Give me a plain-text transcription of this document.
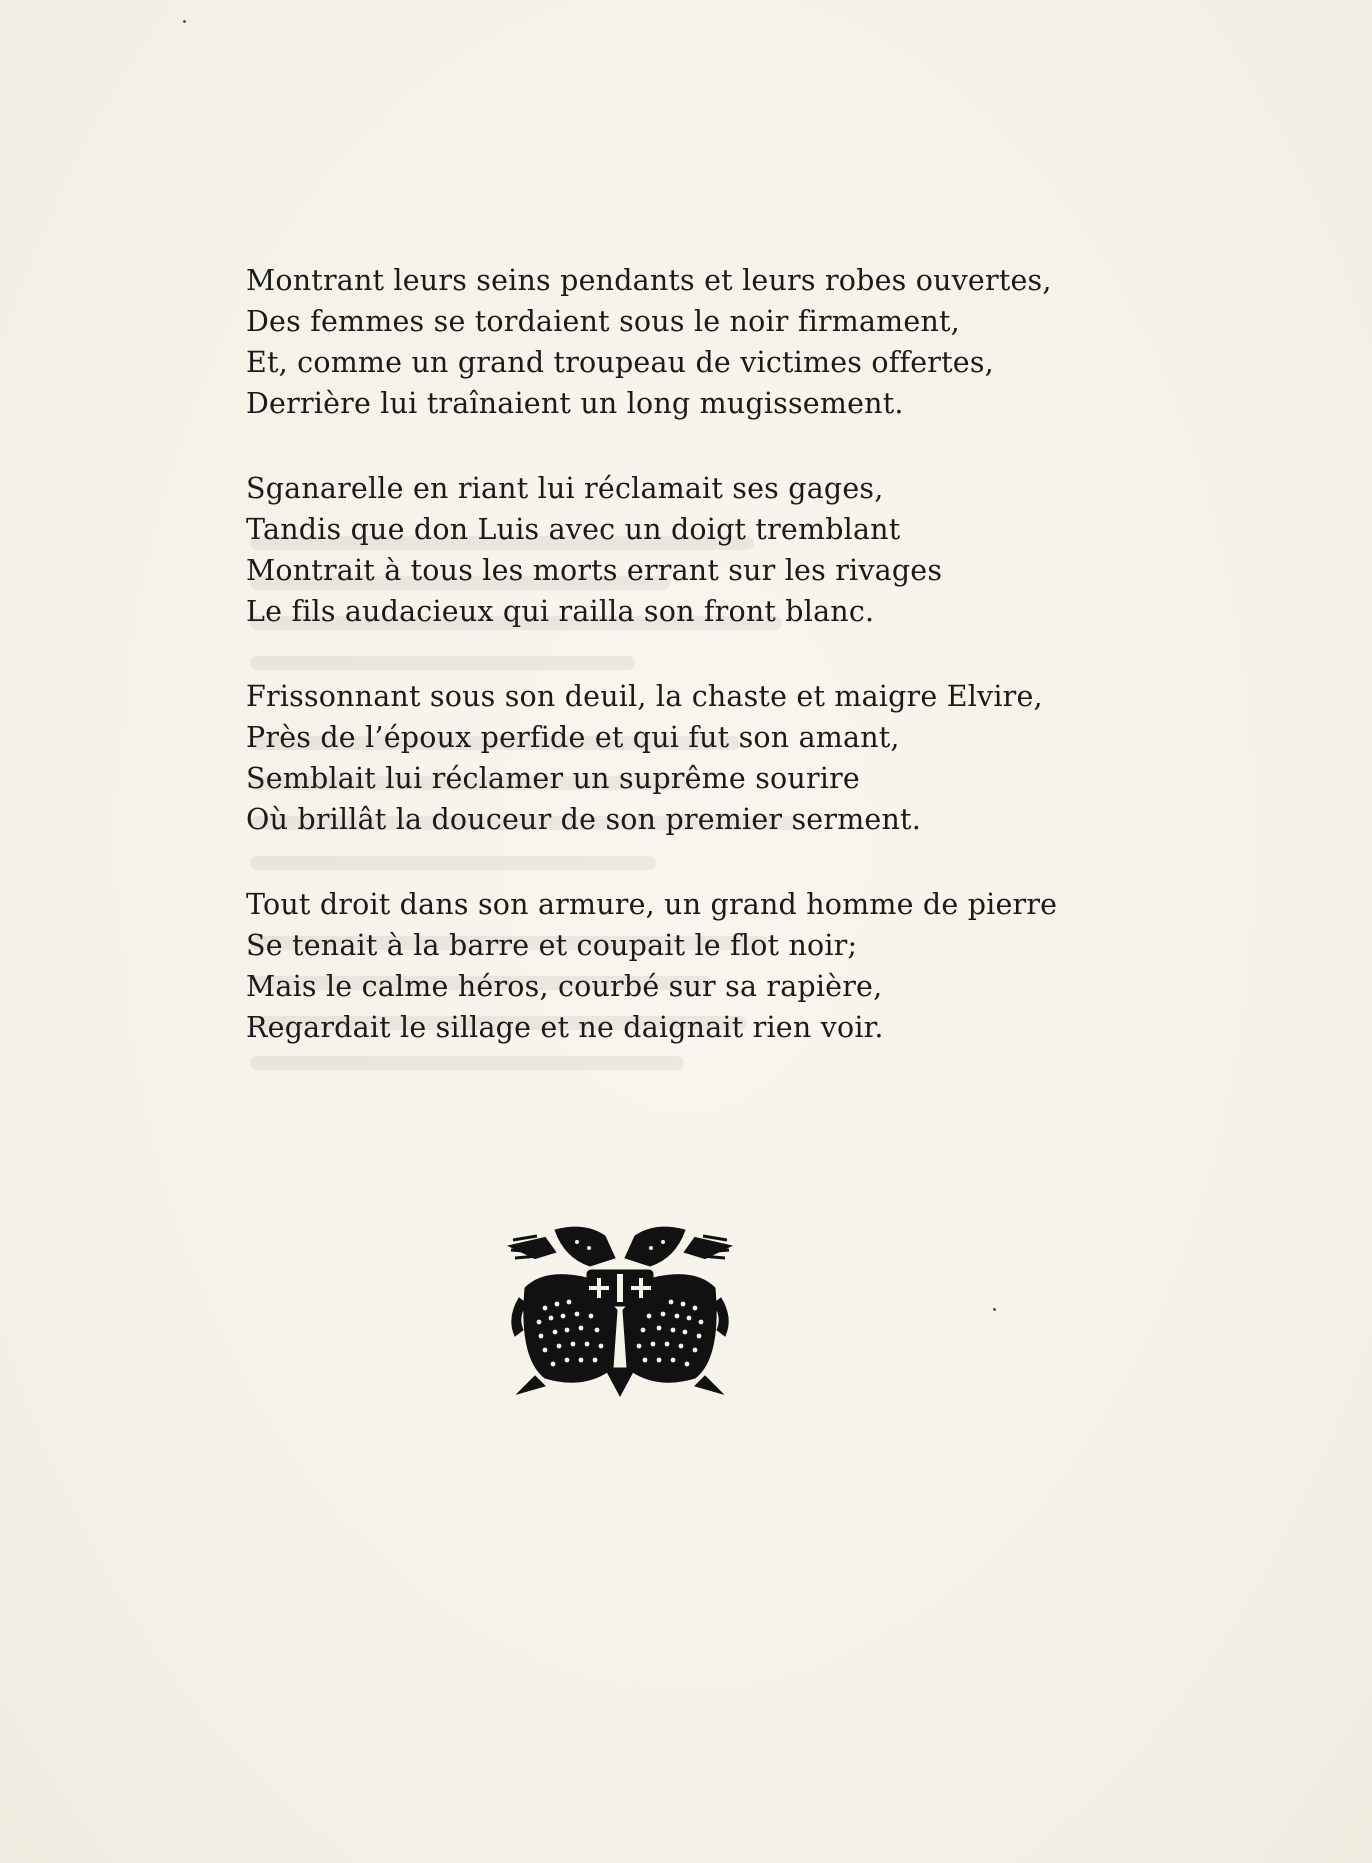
Montrant leurs seins pendants et leurs robes ouvertes,
Des femmes se tordaient sous le noir firmament,
Et, comme un grand troupeau de victimes offertes,
Derrière lui traînaient un long mugissement.
Sganarelle en riant lui réclamait ses gages,
Tandis que don Luis avec un doigt tremblant
Montrait à tous les morts errant sur les rivages
Le fils audacieux qui railla son front blanc.
Frissonnant sous son deuil, la chaste et maigre Elvire,
Près de l’époux perfide et qui fut son amant,
Semblait lui réclamer un suprême sourire
Où brillât la douceur de son premier serment.
Tout droit dans son armure, un grand homme de pierre
Se tenait à la barre et coupait le flot noir;
Mais le calme héros, courbé sur sa rapière,
Regardait le sillage et ne daignait rien voir.
